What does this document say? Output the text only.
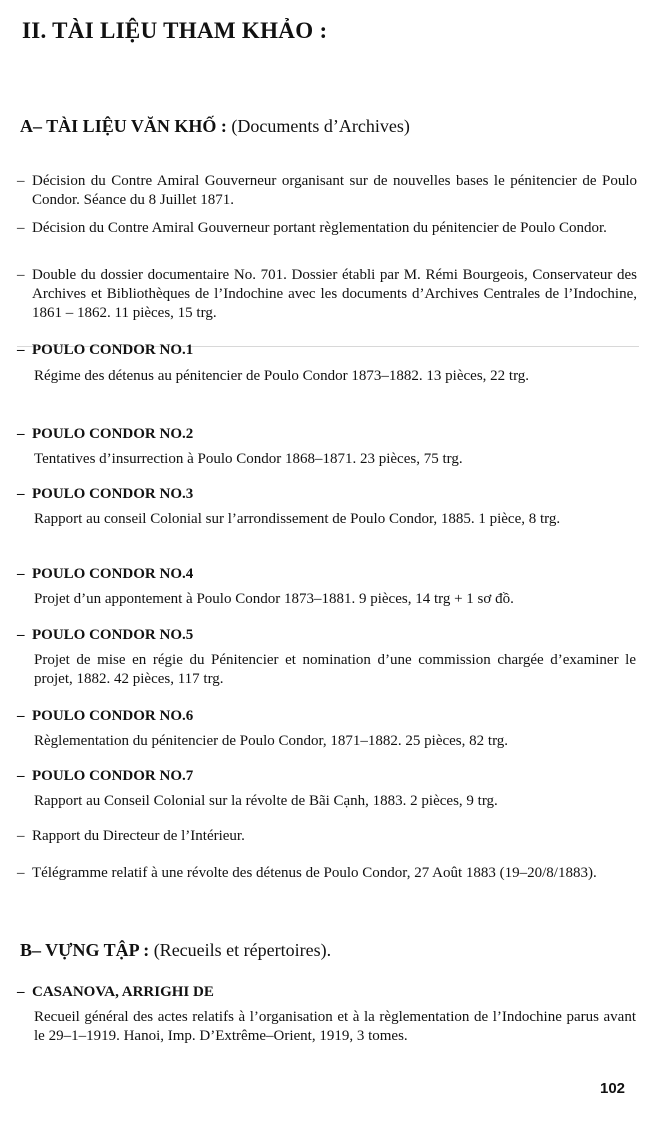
II. TÀI LIỆU THAM KHẢO :
A– TÀI LIỆU VĂN KHỐ : (Documents d’Archives)
– Décision du Contre Amiral Gouverneur organisant sur de nouvelles bases le pénitencier de Poulo Condor. Séance du 8 Juillet 1871.
– Décision du Contre Amiral Gouverneur portant règlementation du pénitencier de Poulo Condor.
– Double du dossier documentaire No. 701. Dossier établi par M. Rémi Bourgeois, Conservateur des Archives et Bibliothèques de l’Indochine avec les documents d’Archives Centrales de l’Indochine, 1861 – 1862. 11 pièces, 15 trg.
– POULO CONDOR NO.1
Régime des détenus au pénitencier de Poulo Condor 1873–1882. 13 pièces, 22 trg.
– POULO CONDOR NO.2
Tentatives d’insurrection à Poulo Condor 1868–1871. 23 pièces, 75 trg.
– POULO CONDOR NO.3
Rapport au conseil Colonial sur l’arrondissement de Poulo Condor, 1885. 1 pièce, 8 trg.
– POULO CONDOR NO.4
Projet d’un appontement à Poulo Condor 1873–1881. 9 pièces, 14 trg + 1 sơ đồ.
– POULO CONDOR NO.5
Projet de mise en régie du Pénitencier et nomination d’une commission chargée d’examiner le projet, 1882. 42 pièces, 117 trg.
– POULO CONDOR NO.6
Règlementation du pénitencier de Poulo Condor, 1871–1882. 25 pièces, 82 trg.
– POULO CONDOR NO.7
Rapport au Conseil Colonial sur la révolte de Bãi Cạnh, 1883. 2 pièces, 9 trg.
– Rapport du Directeur de l’Intérieur.
– Télégramme relatif à une révolte des détenus de Poulo Condor, 27 Août 1883 (19–20/8/1883).
B– VỰNG TẬP : (Recueils et répertoires).
– CASANOVA, ARRIGHI DE
Recueil général des actes relatifs à l’organisation et à la règlementation de l’Indochine parus avant le 29–1–1919. Hanoi, Imp. D’Extrême–Orient, 1919, 3 tomes.
102
